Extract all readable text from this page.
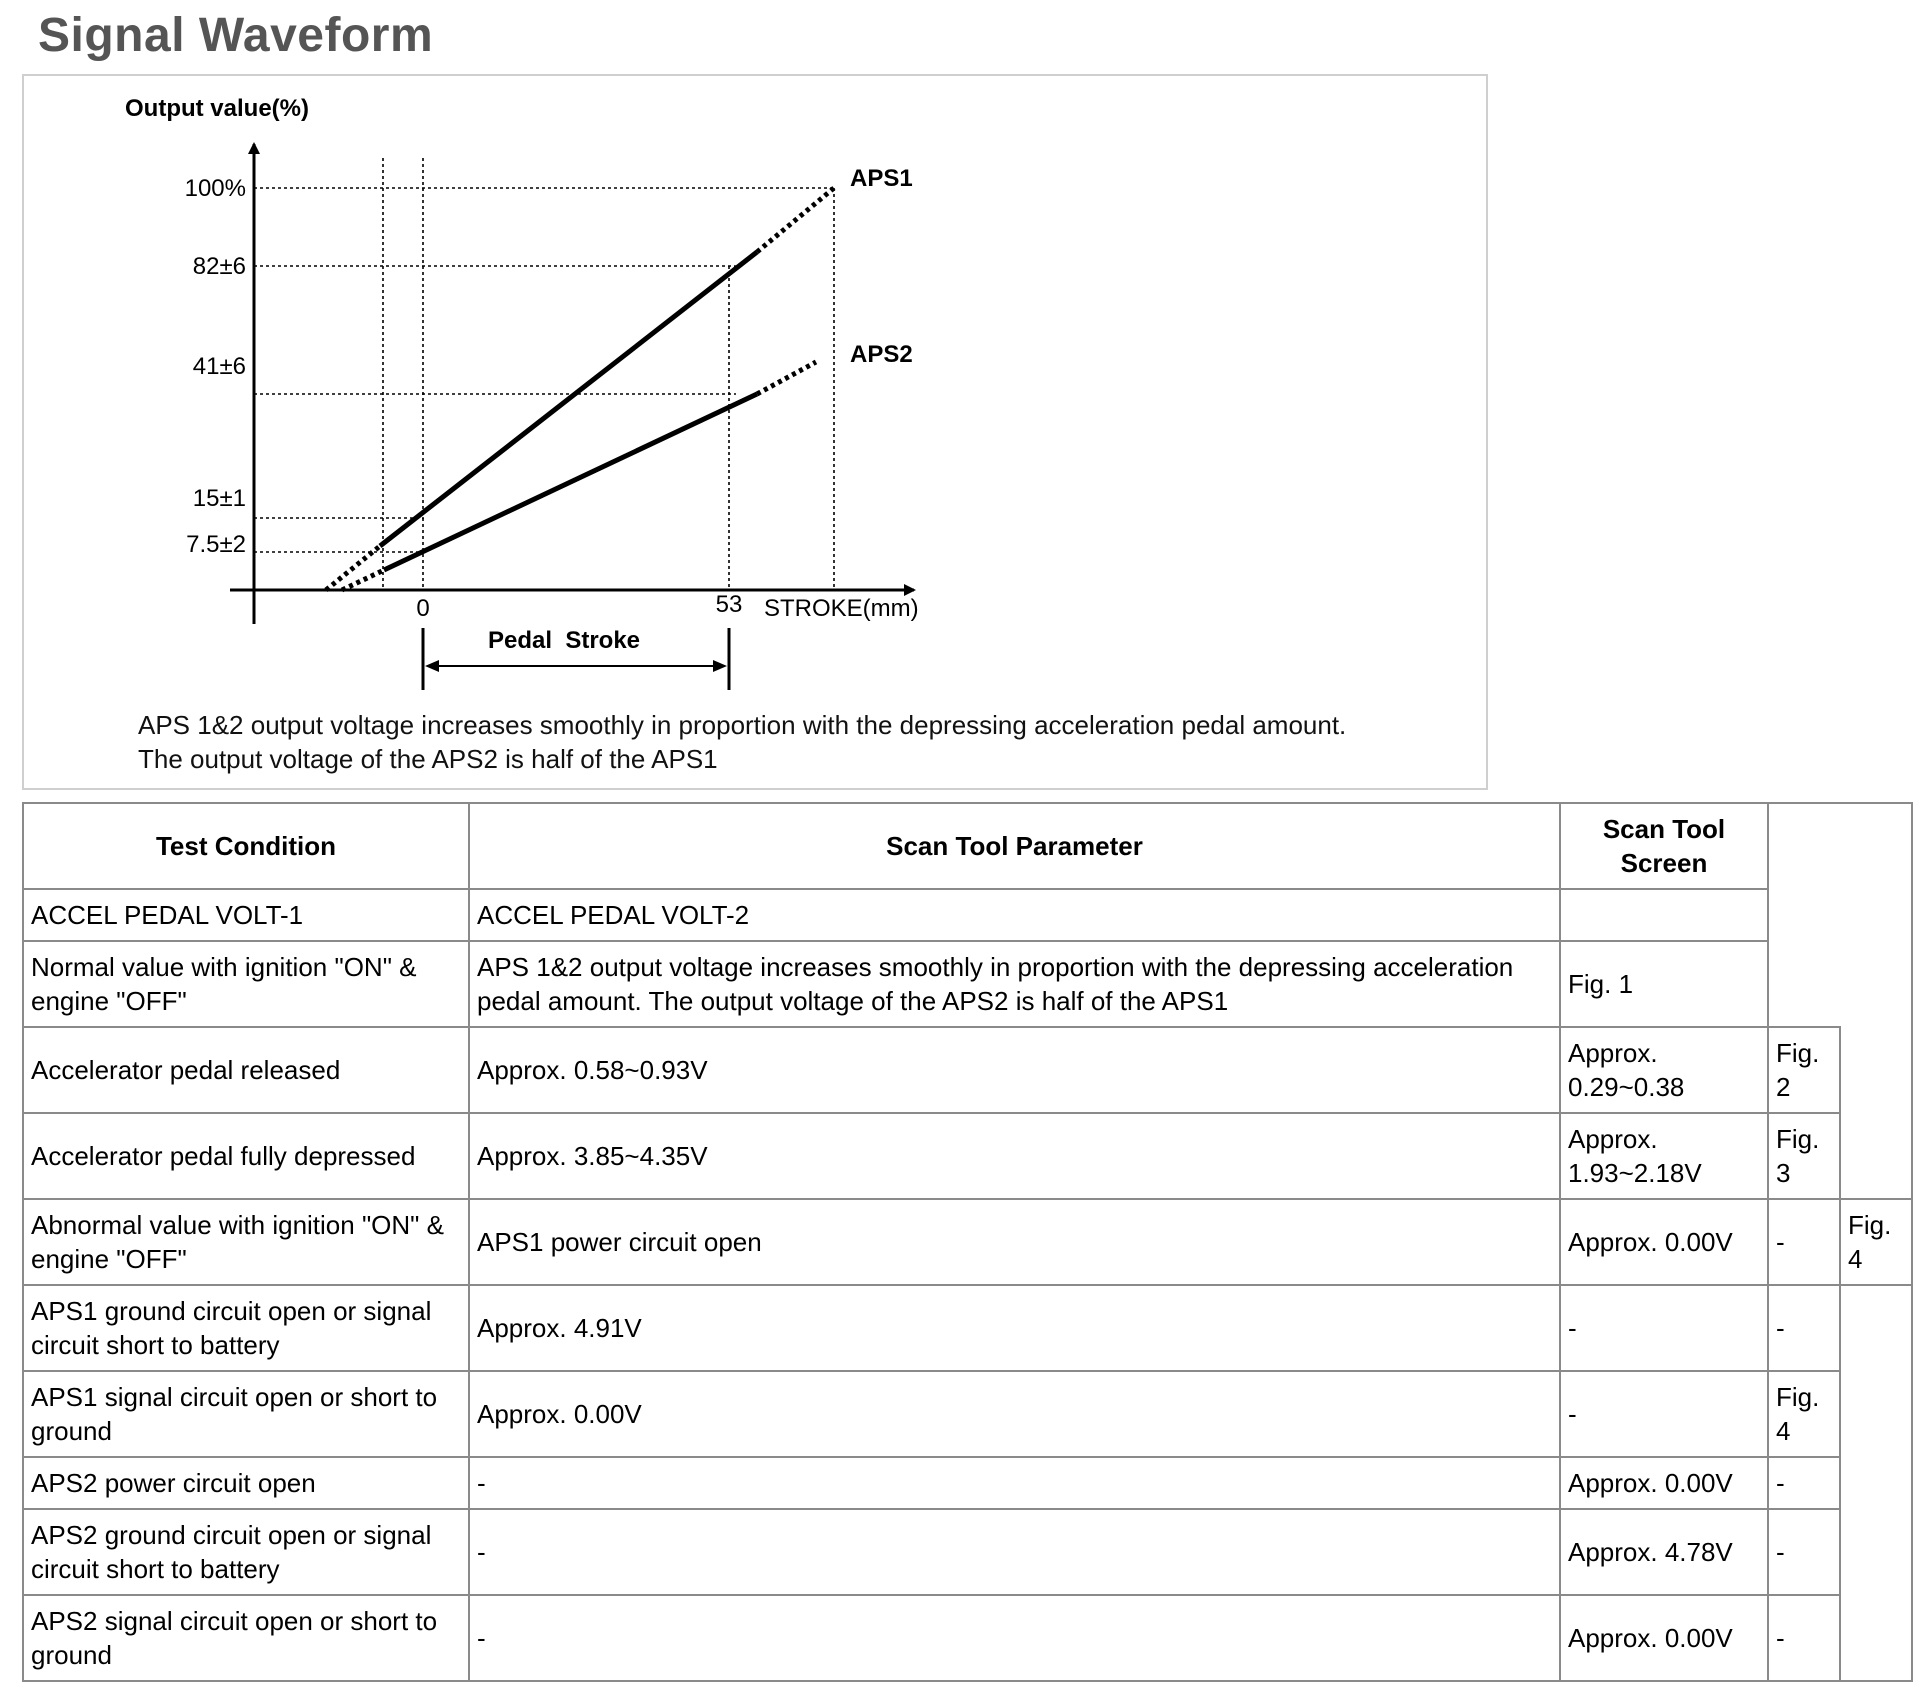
Signal Waveform
Output value(%)
STROKE(mm)
APS1
APS2
100%
82±6
41±6
15±1
7.5±2
0	53
Pedal  Stroke
APS 1&2 output voltage increases smoothly in proportion with the depressing acceleration pedal amount.
The output voltage of the APS2 is half of the APS1
Test Condition	Scan Tool Parameter	Scan Tool Screen		
ACCEL PEDAL VOLT-1	ACCEL PEDAL VOLT-2			
Normal value with ignition "ON" & engine "OFF"	APS 1&2 output voltage increases smoothly in proportion with the depressing acceleration pedal amount. The output voltage of the APS2 is half of the APS1	Fig. 1		
Accelerator pedal released	Approx. 0.58~0.93V	Approx. 0.29~0.38	Fig. 2	
Accelerator pedal fully depressed	Approx. 3.85~4.35V	Approx. 1.93~2.18V	Fig. 3	
Abnormal value with ignition "ON" & engine "OFF"	APS1 power circuit open	Approx. 0.00V	-	Fig. 4
APS1 ground circuit open or signal circuit short to battery	Approx. 4.91V	-	-	
APS1 signal circuit open or short to ground	Approx. 0.00V	-	Fig. 4	
APS2 power circuit open	-	Approx. 0.00V	-	
APS2 ground circuit open or signal circuit short to battery	-	Approx. 4.78V	-	
APS2 signal circuit open or short to ground	-	Approx. 0.00V	-	
